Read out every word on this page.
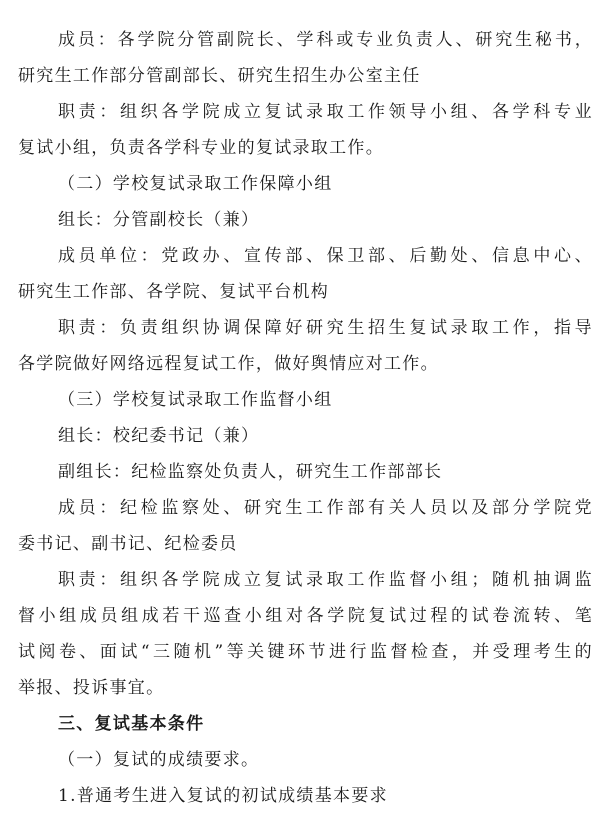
成员：各学院分管副院长、学科或专业负责人、研究生秘书，
研究生工作部分管副部长、研究生招生办公室主任
职责：组织各学院成立复试录取工作领导小组、各学科专业
复试小组，负责各学科专业的复试录取工作。
（二）学校复试录取工作保障小组
组长：分管副校长（兼）
成员单位：党政办、宣传部、保卫部、后勤处、信息中心、
研究生工作部、各学院、复试平台机构
职责：负责组织协调保障好研究生招生复试录取工作，指导
各学院做好网络远程复试工作，做好舆情应对工作。
（三）学校复试录取工作监督小组
组长：校纪委书记（兼）
副组长：纪检监察处负责人，研究生工作部部长
成员：纪检监察处、研究生工作部有关人员以及部分学院党
委书记、副书记、纪检委员
职责：组织各学院成立复试录取工作监督小组；随机抽调监
督小组成员组成若干巡查小组对各学院复试过程的试卷流转、笔
试阅卷、面试“三随机”等关键环节进行监督检查，并受理考生的
举报、投诉事宜。
三、复试基本条件
（一）复试的成绩要求。
1.普通考生进入复试的初试成绩基本要求
